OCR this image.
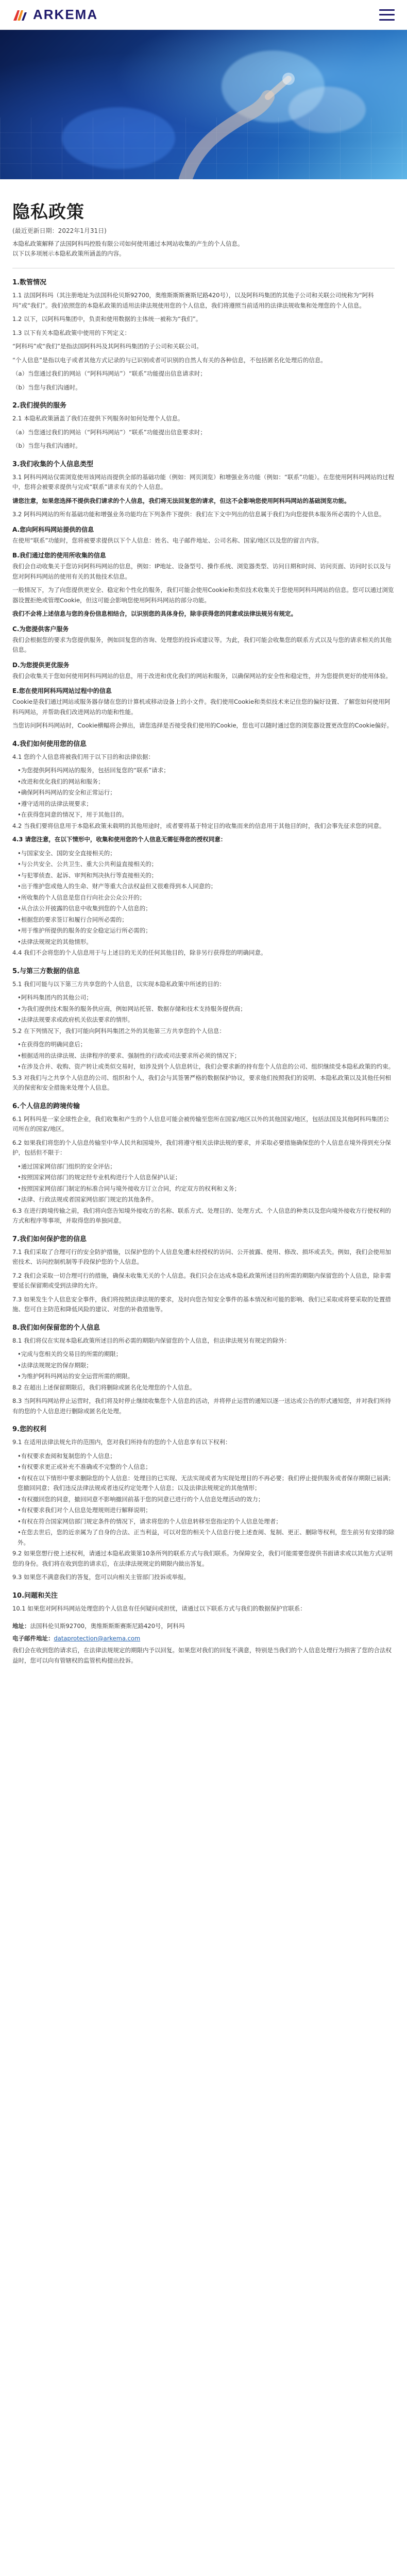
ARKEMA
隐私政策
(最近更新日期：2022年1月31日)

本隐私政策解释了法国阿科玛控股有限公司如何使用通过本网站收集的产生的个人信息。

以下以多项展示本隐私政策所涵盖的内容。

1.数管情况
1.1 法国阿科玛（其注册地址为法国科伦贝斯92700，奥维斯斯斯赛斯尼路420号），以及阿科玛集团的其他子公司和关联公司统称为“阿科玛”或“我们”。我们依照您的本隐私政策的适用法律法规使用您的个人信息，我们将遵照当前适用的法律法规收集和处理您的个人信息。
1.2 以下，以阿科玛集团中，负责和使用数据的主体统一被称为“我们”。
1.3 以下有关本隐私政策中使用的下列定义：
“阿科玛”或“我们”是指法国阿科玛及其阿科玛集团的子公司和关联公司。
“个人信息”是指以电子或者其他方式记录的与已识别或者可识别的自然人有关的各种信息，不包括匿名化处理后的信息。
（a）当您通过我们的网站（“阿科玛网站”）“联系”功能提出信息请求时；
（b）当您与我们沟通时。
2.我们提供的服务
2.1 本隐私政策涵盖了我们在提供下列服务时如何处理个人信息。
（a）当您通过我们的网站（“阿科玛网站”）“联系”功能提出信息要求时；
（b）当您与我们沟通时。
3.我们收集的个人信息类型
3.1 阿科玛网站仅需浏览使用该网站而提供全部的基础功能（例如：网页浏览）和增强业务功能（例如：“联系”功能）。在您使用阿科玛网站的过程中，您将会被要求提供与完成“联系”请求有关的个人信息。
请您注意，如果您选择不提供我们请求的个人信息，我们将无法回复您的请求，但这不会影响您使用阿科玛网站的基础浏览功能。
3.2 阿科玛网站的所有基础功能和增强业务功能均在下列条件下提供：我们在下文中列出的信息属于我们为向您提供本服务所必需的个人信息。
A.您向阿科玛网站提供的信息
在使用“联系”功能时，您将被要求提供以下个人信息：姓名、电子邮件地址、公司名称、国家/地区以及您的留言内容。
B.我们通过您的使用所收集的信息
我们会自动收集关于您访问阿科玛网站的信息，例如：IP地址、设备型号、操作系统、浏览器类型、访问日期和时间、访问页面、访问时长以及与您对阿科玛网站的使用有关的其他技术信息。
一般情况下，为了向您提供更安全、稳定和个性化的服务，我们可能会使用Cookie和类似技术收集关于您使用阿科玛网站的信息。您可以通过浏览器设置拒绝或管理Cookie，但这可能会影响您使用阿科玛网站的部分功能。
我们不会将上述信息与您的身份信息相结合，以识别您的具体身份，除非获得您的同意或法律法规另有规定。
C.为您提供客户服务
我们会根据您的要求为您提供服务，例如回复您的咨询、处理您的投诉或建议等。为此，我们可能会收集您的联系方式以及与您的请求相关的其他信息。
D.为您提供更优服务
我们会收集关于您如何使用阿科玛网站的信息，用于改进和优化我们的网站和服务，以确保网站的安全性和稳定性，并为您提供更好的使用体验。
E.您在使用阿科玛网站过程中的信息
Cookie是我们通过网站或服务器存储在您的计算机或移动设备上的小文件。我们使用Cookie和类似技术来记住您的偏好设置、了解您如何使用阿科玛网站，并帮助我们改进网站的功能和性能。
当您访问阿科玛网站时，Cookie横幅将会弹出，请您选择是否接受我们使用的Cookie，您也可以随时通过您的浏览器设置更改您的Cookie偏好。
4.我们如何使用您的信息
4.1 您的个人信息将被我们用于以下目的和法律依据：
•为您提供阿科玛网站的服务，包括回复您的“联系”请求；
•改进和优化我们的网站和服务；
•确保阿科玛网站的安全和正常运行；
•遵守适用的法律法规要求；
•在获得您同意的情况下，用于其他目的。
4.2 当我们要将信息用于本隐私政策未载明的其他用途时，或者要将基于特定目的收集而来的信息用于其他目的时，我们会事先征求您的同意。
4.3 请您注意，在以下情形中，收集和使用您的个人信息无需征得您的授权同意：
•与国家安全、国防安全直接相关的；
•与公共安全、公共卫生、重大公共利益直接相关的；
•与犯罪侦查、起诉、审判和判决执行等直接相关的；
•出于维护您或他人的生命、财产等重大合法权益但又很难得到本人同意的；
•所收集的个人信息是您自行向社会公众公开的；
•从合法公开披露的信息中收集到您的个人信息的；
•根据您的要求签订和履行合同所必需的；
•用于维护所提供的服务的安全稳定运行所必需的；
•法律法规规定的其他情形。
4.4 我们不会将您的个人信息用于与上述目的无关的任何其他目的，除非另行获得您的明确同意。
5.与第三方数据的信息
5.1 我们可能与以下第三方共享您的个人信息，以实现本隐私政策中所述的目的：
•阿科玛集团内的其他公司；
•为我们提供技术服务的服务供应商，例如网站托管、数据存储和技术支持服务提供商；
•法律法规要求或政府机关依法要求的情形。
5.2 在下列情况下，我们可能向阿科玛集团之外的其他第三方共享您的个人信息：
•在获得您的明确同意后；
•根据适用的法律法规、法律程序的要求、强制性的行政或司法要求所必须的情况下；
•在涉及合并、收购、资产转让或类似交易时，如涉及到个人信息转让，我们会要求新的持有您个人信息的公司、组织继续受本隐私政策的约束。
5.3 对我们与之共享个人信息的公司、组织和个人，我们会与其签署严格的数据保护协议，要求他们按照我们的说明、本隐私政策以及其他任何相关的保密和安全措施来处理个人信息。
6.个人信息的跨境传输
6.1 阿科玛是一家全球性企业，我们收集和产生的个人信息可能会被传输至您所在国家/地区以外的其他国家/地区，包括法国及其他阿科玛集团公司所在的国家/地区。
6.2 如果我们将您的个人信息传输至中华人民共和国境外，我们将遵守相关法律法规的要求，并采取必要措施确保您的个人信息在境外得到充分保护，包括但不限于：
•通过国家网信部门组织的安全评估；
•按照国家网信部门的规定经专业机构进行个人信息保护认证；
•按照国家网信部门制定的标准合同与境外接收方订立合同，约定双方的权利和义务；
•法律、行政法规或者国家网信部门规定的其他条件。
6.3 在进行跨境传输之前，我们将向您告知境外接收方的名称、联系方式、处理目的、处理方式、个人信息的种类以及您向境外接收方行使权利的方式和程序等事项，并取得您的单独同意。
7.我们如何保护您的信息
7.1 我们采取了合理可行的安全防护措施，以保护您的个人信息免遭未经授权的访问、公开披露、使用、修改、损坏或丢失。例如，我们会使用加密技术、访问控制机制等手段保护您的个人信息。
7.2 我们会采取一切合理可行的措施，确保未收集无关的个人信息。我们只会在达成本隐私政策所述目的所需的期限内保留您的个人信息，除非需要延长保留期或受到法律的允许。
7.3 如果发生个人信息安全事件，我们将按照法律法规的要求，及时向您告知安全事件的基本情况和可能的影响、我们已采取或将要采取的处置措施、您可自主防范和降低风险的建议、对您的补救措施等。
8.我们如何保留您的个人信息
8.1 我们将仅在实现本隐私政策所述目的所必需的期限内保留您的个人信息，但法律法规另有规定的除外：
•完成与您相关的交易目的所需的期限；
•法律法规规定的保存期限；
•为维护阿科玛网站的安全运营所需的期限。
8.2 在超出上述保留期限后，我们将删除或匿名化处理您的个人信息。
8.3 当阿科玛网站停止运营时，我们将及时停止继续收集您个人信息的活动，并将停止运营的通知以逐一送达或公告的形式通知您，并对我们所持有的您的个人信息进行删除或匿名化处理。
9.您的权利
9.1 在适用法律法规允许的范围内，您对我们所持有的您的个人信息享有以下权利：
•有权要求查阅和复制您的个人信息；
•有权要求更正或补充不准确或不完整的个人信息；
•有权在以下情形中要求删除您的个人信息：处理目的已实现、无法实现或者为实现处理目的不再必要；我们停止提供服务或者保存期限已届满；您撤回同意；我们违反法律法规或者违反约定处理个人信息；以及法律法规规定的其他情形；
•有权撤回您的同意，撤回同意不影响撤回前基于您的同意已进行的个人信息处理活动的效力；
•有权要求我们对个人信息处理规则进行解释说明；
•有权在符合国家网信部门规定条件的情况下，请求将您的个人信息转移至您指定的个人信息处理者；
•在您去世后，您的近亲属为了自身的合法、正当利益，可以对您的相关个人信息行使上述查阅、复制、更正、删除等权利，您生前另有安排的除外。
9.2 如果您想行使上述权利，请通过本隐私政策第10条所列的联系方式与我们联系。为保障安全，我们可能需要您提供书面请求或以其他方式证明您的身份。我们将在收到您的请求后，在法律法规规定的期限内做出答复。
9.3 如果您不满意我们的答复，您可以向相关主管部门投诉或举报。
10.问题和关注
10.1 如果您对阿科玛网站处理您的个人信息有任何疑问或担忧，请通过以下联系方式与我们的数据保护官联系：
地址：法国科伦贝斯92700，奥维斯斯斯赛斯尼路420号，阿科玛
电子邮件地址：dataprotection@arkema.com
我们会在收到您的请求后，在法律法规规定的期限内予以回复。如果您对我们的回复不满意，特别是当我们的个人信息处理行为损害了您的合法权益时，您可以向有管辖权的监管机构提出投诉。
